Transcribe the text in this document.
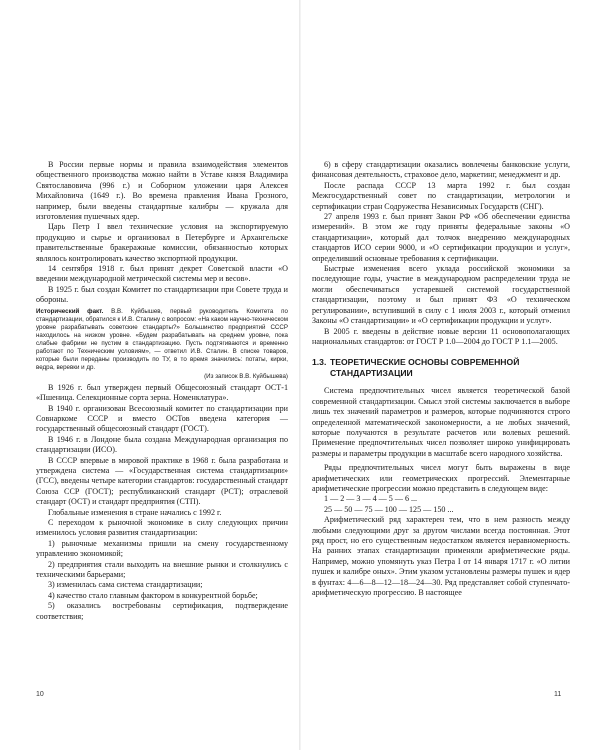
В России первые нормы и правила взаимодействия элементов общественного производства можно найти в Уставе князя Владимира Святославовича (996 г.) и Соборном уложении царя Алексея Михайловича (1649 г.). Во времена правления Ивана Грозного, например, были введены стандартные калибры — кружала для изготовления пушечных ядер.

Царь Петр I ввел технические условия на экспортируемую продукцию и сырье и организовал в Петербурге и Архангельске правительственные бракеражные комиссии, обязанностью которых являлось контролировать качество экспортной продукции.

14 сентября 1918 г. был принят декрет Советской власти «О введении международной метрической системы мер и весов».

В 1925 г. был создан Комитет по стандартизации при Совете труда и обороны.

Исторический факт. В.В. Куйбышев, первый руководитель Комитета по стандартизации, обратился к И.В. Сталину с вопросом: «На каком научно-техническом уровне разрабатывать советские стандарты?» Большинство предприятий СССР находилось на низком уровне. «Будем разрабатывать на среднем уровне, пока слабые фабрики не пустим в стандартизацию. Пусть подтягиваются и временно работают по Техническим условиям», — ответил И.В. Сталин. В списке товаров, которые были переданы производить по ТУ, в то время значились: потаты, кирки, ведра, веревки и др.

(Из записок В.В. Куйбышева)

В 1926 г. был утвержден первый Общесоюзный стандарт ОСТ-1 «Пшеница. Селекционные сорта зерна. Номенклатура».

В 1940 г. организован Всесоюзный комитет по стандартизации при Совнаркоме СССР и вместо ОСТов введена категория — государственный общесоюзный стандарт (ГОСТ).

В 1946 г. в Лондоне была создана Международная организация по стандартизации (ИСО).

В СССР впервые в мировой практике в 1968 г. была разработана и утверждена система — «Государственная система стандартизации» (ГСС), введены четыре категории стандартов: государственный стандарт Союза ССР (ГОСТ); республиканский стандарт (РСТ); отраслевой стандарт (ОСТ) и стандарт предприятия (СТП).

Глобальные изменения в стране начались с 1992 г.

С переходом к рыночной экономике в силу следующих причин изменилось условия развития стандартизации:

1) рыночные механизмы пришли на смену государственному управлению экономикой;

2) предприятия стали выходить на внешние рынки и столкнулись с техническими барьерами;

3) изменилась сама система стандартизации;

4) качество стало главным фактором в конкурентной борьбе;

5) оказались востребованы сертификация, подтверждение соответствия;

6) в сферу стандартизации оказались вовлечены банковские услуги, финансовая деятельность, страховое дело, маркетинг, менеджмент и др.

После распада СССР 13 марта 1992 г. был создан Межгосударственный совет по стандартизации, метрологии и сертификации стран Содружества Независимых Государств (СНГ).

27 апреля 1993 г. был принят Закон РФ «Об обеспечении единства измерений». В этом же году приняты федеральные законы «О стандартизации», который дал толчок внедрению международных стандартов ИСО серии 9000, и «О сертификации продукции и услуг», определивший основные требования к сертификации.

Быстрые изменения всего уклада российской экономики за последующие годы, участие в международном распределении труда не могли обеспечиваться устаревшей системой государственной стандартизации, поэтому и был принят ФЗ «О техническом регулировании», вступивший в силу с 1 июля 2003 г., который отменил Законы «О стандартизации» и «О сертификации продукции и услуг».

В 2005 г. введены в действие новые версии 11 основополагающих национальных стандартов: от ГОСТ Р 1.0—2004 до ГОСТ Р 1.1—2005.

1.3. ТЕОРЕТИЧЕСКИЕ ОСНОВЫ СОВРЕМЕННОЙ СТАНДАРТИЗАЦИИ

Система предпочтительных чисел является теоретической базой современной стандартизации. Смысл этой системы заключается в выборе лишь тех значений параметров и размеров, которые подчиняются строго определенной математической закономерности, а не любых значений, которые получаются в результате расчетов или волевых решений. Применение предпочтительных чисел позволяет широко унифицировать размеры и параметры продукции в масштабе всего народного хозяйства.

Ряды предпочтительных чисел могут быть выражены в виде арифметических или геометрических прогрессий. Элементарные арифметические прогрессии можно представить в следующем виде:

1 — 2 — 3 — 4 — 5 — 6 ...

25 — 50 — 75 — 100 — 125 — 150 ...

Арифметический ряд характерен тем, что в нем разность между любыми следующими друг за другом числами всегда постоянная. Этот ряд прост, но его существенным недостатком является неравномерность. На ранних этапах стандартизации применяли арифметические ряды. Например, можно упомянуть указ Петра I от 14 января 1717 г. «О литии пушек и калибре оных». Этим указом установлены размеры пушек и ядер в фунтах: 4—6—8—12—18—24—30. Ряд представляет собой ступенчато-арифметическую прогрессию. В настоящее

10	11
